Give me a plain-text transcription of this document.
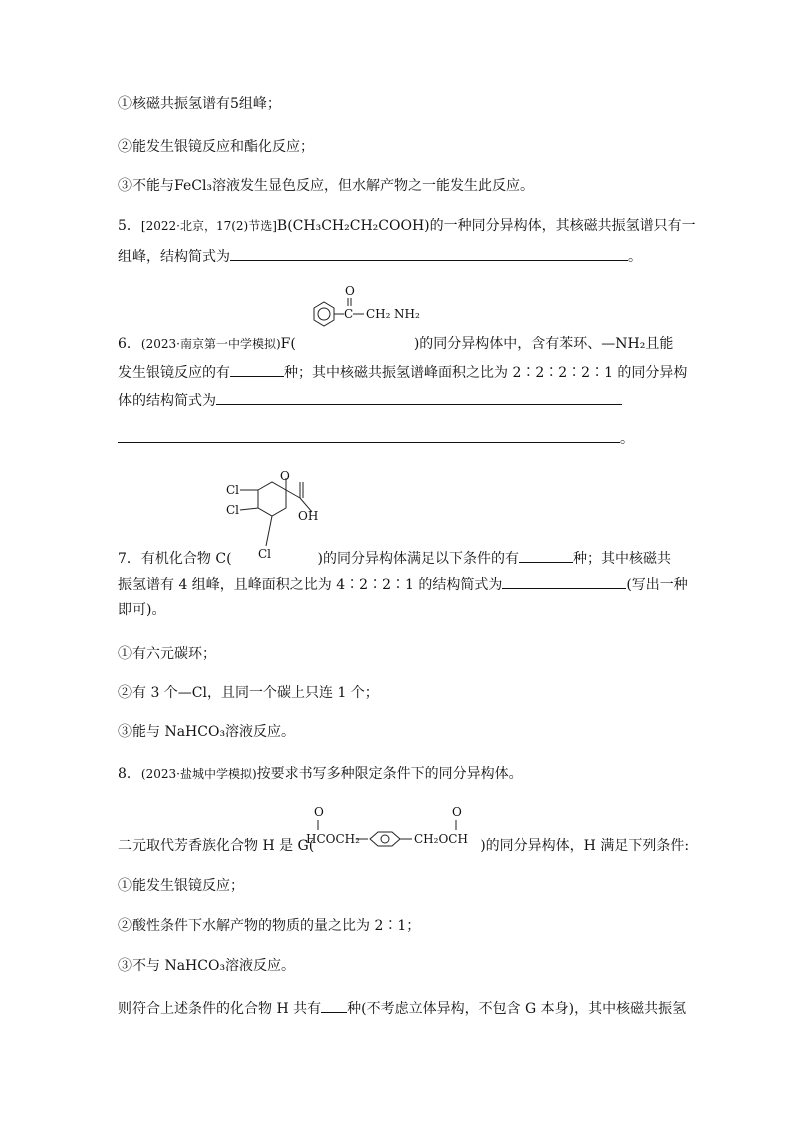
①核磁共振氢谱有5组峰；
②能发生银镜反应和酯化反应；
③不能与FeCl₃溶液发生显色反应，但水解产物之一能发生此反应。
5．[2022·北京，17(2)节选]B(CH₃CH₂CH₂COOH)的一种同分异构体，其核磁共振氢谱只有一
组峰，结构简式为	。
C
O
CH₂ NH₂
6．(2023·南京第一中学模拟)F(	)的同分异构体中，含有苯环、—NH₂且能
发生银镜反应的有	种；其中核磁共振氢谱峰面积之比为 2∶2∶2∶2∶1 的同分异构
体的结构简式为
。
Cl
Cl
Cl
O
OH
7．有机化合物 C(	)的同分异构体满足以下条件的有	种；其中核磁共
振氢谱有 4 组峰，且峰面积之比为 4∶2∶2∶1 的结构简式为	(写出一种
即可)。
①有六元碳环；
②有 3 个—Cl，且同一个碳上只连 1 个；
③能与 NaHCO₃溶液反应。
8．(2023·盐城中学模拟)按要求书写多种限定条件下的同分异构体。
O
HCOCH₂	CH₂OCH
O
二元取代芳香族化合物 H 是 G(	)的同分异构体，H 满足下列条件:
①能发生银镜反应；
②酸性条件下水解产物的物质的量之比为 2∶1；
③不与 NaHCO₃溶液反应。
则符合上述条件的化合物 H 共有 种(不考虑立体异构，不包含 G 本身)，其中核磁共振氢
